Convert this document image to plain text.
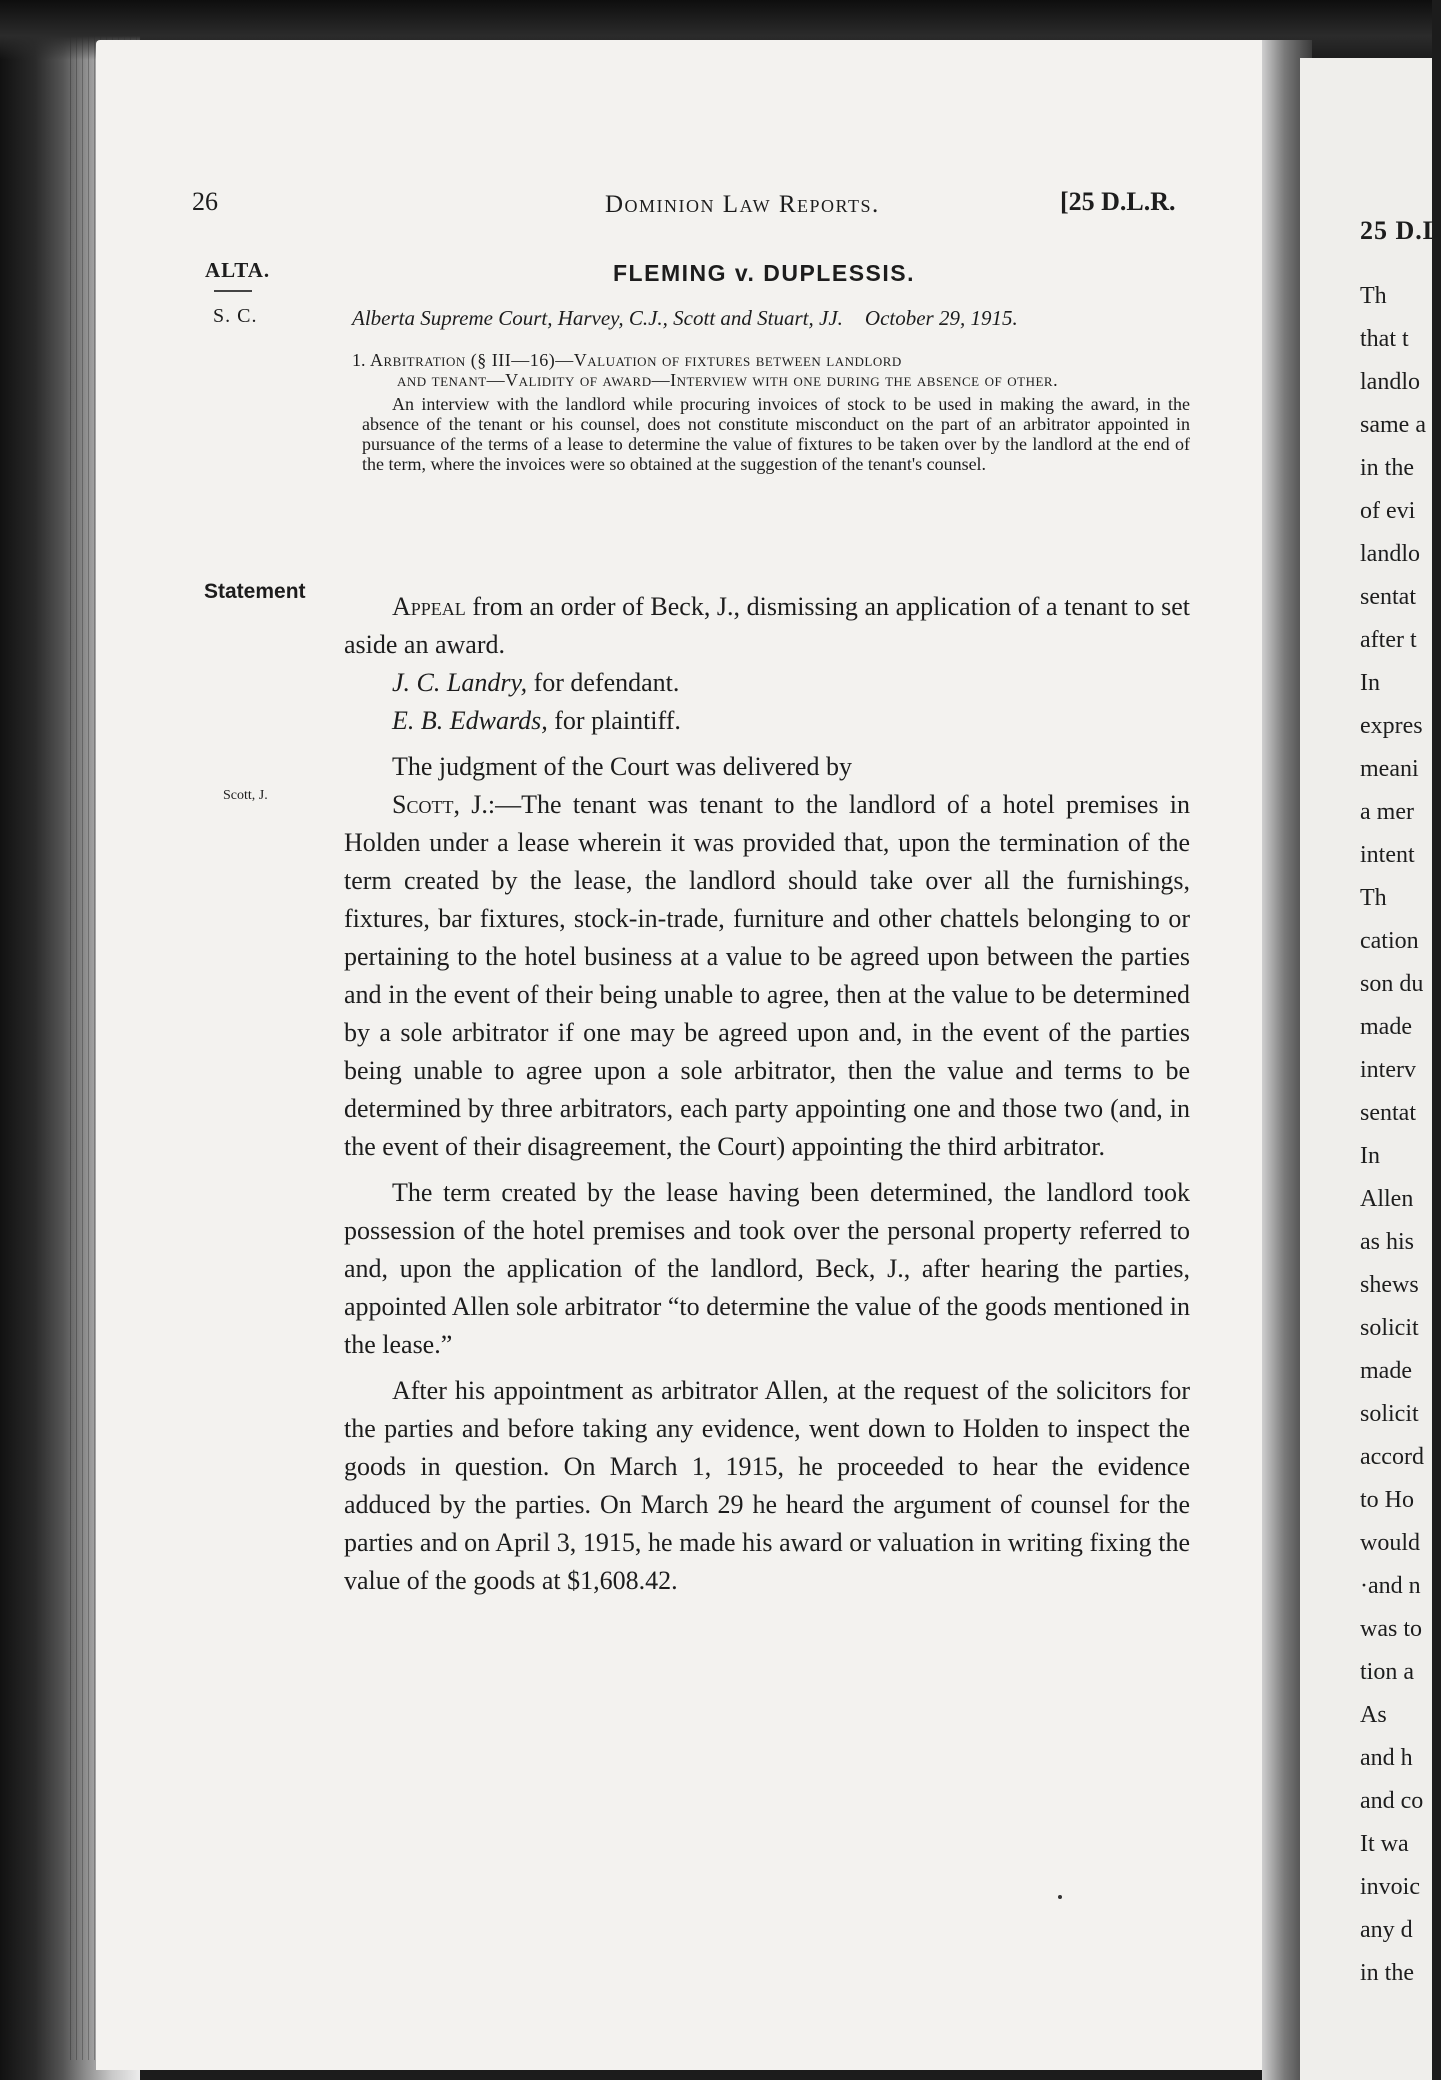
25 D.L
Th
that t
landlo
same a
in the
of evi
landlo
sentat
after t
In
expres
meani
a mer
intent
Th
cation
son du
made
interv
sentat
In
Allen
as his
shews
solicit
made
solicit
accord
to Ho
would
·and n
was to
tion a
As
and h
and co
It wa
invoic
any d
in the
26	Dominion Law Reports.	[25 D.L.R.
ALTA.
S. C.
FLEMING v. DUPLESSIS.
Alberta Supreme Court, Harvey, C.J., Scott and Stuart, JJ. October 29, 1915.

1. Arbitration (§ III—16)—Valuation of fixtures between landlord

and tenant—Validity of award—Interview with one during the absence of other.

An interview with the landlord while procuring invoices of stock to be used in making the award, in the absence of the tenant or his counsel, does not constitute misconduct on the part of an arbitrator appointed in pursuance of the terms of a lease to determine the value of fixtures to be taken over by the landlord at the end of the term, where the invoices were so obtained at the suggestion of the tenant's counsel.

Statement
Scott, J.

Appeal from an order of Beck, J., dismissing an application of a tenant to set aside an award.

J. C. Landry, for defendant.

E. B. Edwards, for plaintiff.

The judgment of the Court was delivered by

Scott, J.:—The tenant was tenant to the landlord of a hotel premises in Holden under a lease wherein it was provided that, upon the termination of the term created by the lease, the landlord should take over all the furnishings, fixtures, bar fixtures, stock-in-trade, furniture and other chattels belonging to or pertaining to the hotel business at a value to be agreed upon between the parties and in the event of their being unable to agree, then at the value to be determined by a sole arbitrator if one may be agreed upon and, in the event of the parties being unable to agree upon a sole arbitrator, then the value and terms to be determined by three arbitrators, each party appointing one and those two (and, in the event of their disagreement, the Court) appointing the third arbitrator.

The term created by the lease having been determined, the landlord took possession of the hotel premises and took over the personal property referred to and, upon the application of the landlord, Beck, J., after hearing the parties, appointed Allen sole arbitrator “to determine the value of the goods mentioned in the lease.”

After his appointment as arbitrator Allen, at the request of the solicitors for the parties and before taking any evidence, went down to Holden to inspect the goods in question. On March 1, 1915, he proceeded to hear the evidence adduced by the parties. On March 29 he heard the argument of counsel for the parties and on April 3, 1915, he made his award or valuation in writing fixing the value of the goods at $1,608.42.
